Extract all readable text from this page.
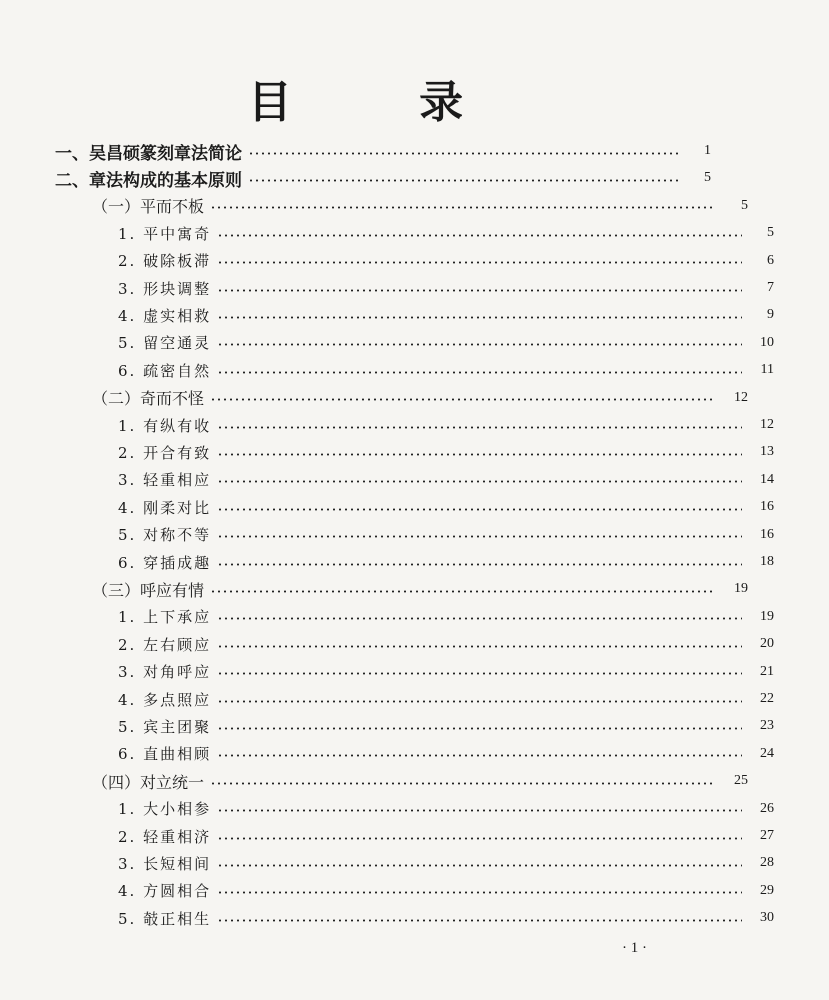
目 录
一、吴昌硕篆刻章法简论	1
二、章法构成的基本原则	5
（一）平而不板	5
1. 平中寓奇	5
2. 破除板滞	6
3. 形块调整	7
4. 虚实相救	9
5. 留空通灵	10
6. 疏密自然	11
（二）奇而不怪	12
1. 有纵有收	12
2. 开合有致	13
3. 轻重相应	14
4. 刚柔对比	16
5. 对称不等	16
6. 穿插成趣	18
（三）呼应有情	19
1. 上下承应	19
2. 左右顾应	20
3. 对角呼应	21
4. 多点照应	22
5. 宾主团聚	23
6. 直曲相顾	24
（四）对立统一	25
1. 大小相参	26
2. 轻重相济	27
3. 长短相间	28
4. 方圆相合	29
5. 攲正相生	30
· 1 ·
